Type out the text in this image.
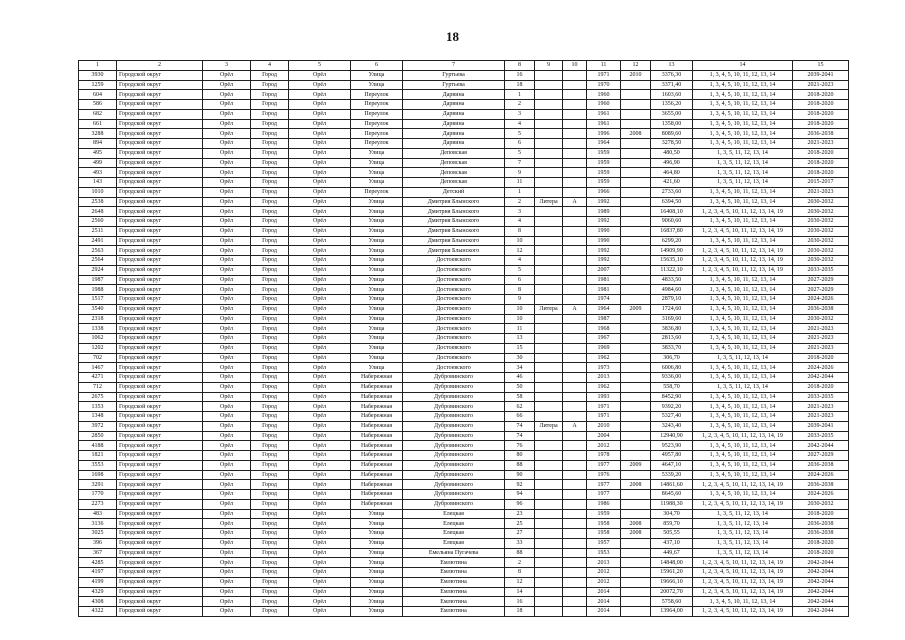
18
1	2	3	4	5	6	7	8	9	10	11	12	13	14	15
3930	Городской округ	Орёл	Город	Орёл	Улица	Гуртьева	16			1971	2010	3376,30	1, 3, 4, 5, 10, 11, 12, 13, 14	2039-2041
1259	Городской округ	Орёл	Город	Орёл	Улица	Гуртьева	18			1970		3371,40	1, 3, 4, 5, 10, 11, 12, 13, 14	2021-2023
604	Городской округ	Орёл	Город	Орёл	Переулок	Дарвина	1			1960		1603,60	1, 3, 4, 5, 10, 11, 12, 13, 14	2018-2020
586	Городской округ	Орёл	Город	Орёл	Переулок	Дарвина	2			1960		1356,20	1, 3, 4, 5, 10, 11, 12, 13, 14	2018-2020
682	Городской округ	Орёл	Город	Орёл	Переулок	Дарвина	3			1961		3655,00	1, 3, 4, 5, 10, 11, 12, 13, 14	2018-2020
661	Городской округ	Орёл	Город	Орёл	Переулок	Дарвина	4			1961		1358,00	1, 3, 4, 5, 10, 11, 12, 13, 14	2018-2020
3288	Городской округ	Орёл	Город	Орёл	Переулок	Дарвина	5			1996	2008	8089,60	1, 3, 4, 5, 10, 11, 12, 13, 14	2036-2038
894	Городской округ	Орёл	Город	Орёл	Переулок	Дарвина	6			1964		3278,50	1, 3, 4, 5, 10, 11, 12, 13, 14	2021-2023
495	Городской округ	Орёл	Город	Орёл	Улица	Деповская	5			1959		480,50	1, 3, 5, 11, 12, 13, 14	2018-2020
499	Городской округ	Орёл	Город	Орёл	Улица	Деповская	7			1959		496,90	1, 3, 5, 11, 12, 13, 14	2018-2020
493	Городской округ	Орёл	Город	Орёл	Улица	Деповская	9			1959		464,80	1, 3, 5, 11, 12, 13, 14	2018-2020
143	Городской округ	Орёл	Город	Орёл	Улица	Деповская	11			1959		421,60	1, 3, 5, 11, 12, 13, 14	2015-2017
1010	Городской округ	Орёл	Город	Орёл	Переулок	Детский	1			1966		2733,60	1, 3, 4, 5, 10, 11, 12, 13, 14	2021-2023
2538	Городской округ	Орёл	Город	Орёл	Улица	Дмитрия Блынского	2	Литера	А	1992		6394,50	1, 3, 4, 5, 10, 11, 12, 13, 14	2030-2032
2648	Городской округ	Орёл	Город	Орёл	Улица	Дмитрия Блынского	3			1989		16408,10	1, 2, 3, 4, 5, 10, 11, 12, 13, 14, 19	2030-2032
2560	Городской округ	Орёл	Город	Орёл	Улица	Дмитрия Блынского	4			1992		9060,60	1, 3, 4, 5, 10, 11, 12, 13, 14	2030-2032
2511	Городской округ	Орёл	Город	Орёл	Улица	Дмитрия Блынского	8			1990		16837,80	1, 2, 3, 4, 5, 10, 11, 12, 13, 14, 19	2030-2032
2491	Городской округ	Орёл	Город	Орёл	Улица	Дмитрия Блынского	10			1990		6299,20	1, 3, 4, 5, 10, 11, 12, 13, 14	2030-2032
2563	Городской округ	Орёл	Город	Орёл	Улица	Дмитрия Блынского	12			1992		14909,90	1, 2, 3, 4, 5, 10, 11, 12, 13, 14, 19	2030-2032
2564	Городской округ	Орёл	Город	Орёл	Улица	Достоевского	4			1992		15635,10	1, 2, 3, 4, 5, 10, 11, 12, 13, 14, 19	2030-2032
2924	Городской округ	Орёл	Город	Орёл	Улица	Достоевского	5			2007		11322,10	1, 2, 3, 4, 5, 10, 11, 12, 13, 14, 19	2033-2035
1987	Городской округ	Орёл	Город	Орёл	Улица	Достоевского	6			1981		4833,50	1, 3, 4, 5, 10, 11, 12, 13, 14	2027-2029
1988	Городской округ	Орёл	Город	Орёл	Улица	Достоевского	8			1981		4984,60	1, 3, 4, 5, 10, 11, 12, 13, 14	2027-2029
1517	Городской округ	Орёл	Город	Орёл	Улица	Достоевского	9			1974		2879,10	1, 3, 4, 5, 10, 11, 12, 13, 14	2024-2026
3540	Городской округ	Орёл	Город	Орёл	Улица	Достоевского	10	Литера	А	1964	2009	1724,60	1, 3, 4, 5, 10, 11, 12, 13, 14	2036-2038
2318	Городской округ	Орёл	Город	Орёл	Улица	Достоевского	10			1987		3169,60	1, 3, 4, 5, 10, 11, 12, 13, 14	2030-2032
1338	Городской округ	Орёл	Город	Орёл	Улица	Достоевского	11			1968		3836,80	1, 3, 4, 5, 10, 11, 12, 13, 14	2021-2023
1062	Городской округ	Орёл	Город	Орёл	Улица	Достоевского	13			1967		2813,60	1, 3, 4, 5, 10, 11, 12, 13, 14	2021-2023
1202	Городской округ	Орёл	Город	Орёл	Улица	Достоевского	15			1969		3833,70	1, 3, 4, 5, 10, 11, 12, 13, 14	2021-2023
702	Городской округ	Орёл	Город	Орёл	Улица	Достоевского	30			1962		306,70	1, 3, 5, 11, 12, 13, 14	2018-2020
1467	Городской округ	Орёл	Город	Орёл	Улица	Достоевского	34			1973		6006,80	1, 3, 4, 5, 10, 11, 12, 13, 14	2024-2026
4271	Городской округ	Орёл	Город	Орёл	Набережная	Дубровинского	46			2013		9336,00	1, 3, 4, 5, 10, 11, 12, 13, 14	2042-2044
712	Городской округ	Орёл	Город	Орёл	Набережная	Дубровинского	50			1962		558,70	1, 3, 5, 11, 12, 13, 14	2018-2020
2675	Городской округ	Орёл	Город	Орёл	Набережная	Дубровинского	58			1993		8452,90	1, 3, 4, 5, 10, 11, 12, 13, 14	2033-2035
1353	Городской округ	Орёл	Город	Орёл	Набережная	Дубровинского	62			1971		9392,20	1, 3, 4, 5, 10, 11, 12, 13, 14	2021-2023
1348	Городской округ	Орёл	Город	Орёл	Набережная	Дубровинского	66			1971		5327,40	1, 3, 4, 5, 10, 11, 12, 13, 14	2021-2023
3972	Городской округ	Орёл	Город	Орёл	Набережная	Дубровинского	74	Литера	А	2010		3243,40	1, 3, 4, 5, 10, 11, 12, 13, 14	2039-2041
2850	Городской округ	Орёл	Город	Орёл	Набережная	Дубровинского	74			2004		12940,90	1, 2, 3, 4, 5, 10, 11, 12, 13, 14, 19	2033-2035
4188	Городской округ	Орёл	Город	Орёл	Набережная	Дубровинского	76			2012		9523,90	1, 3, 4, 5, 10, 11, 12, 13, 14	2042-2044
1821	Городской округ	Орёл	Город	Орёл	Набережная	Дубровинского	80			1978		4957,80	1, 3, 4, 5, 10, 11, 12, 13, 14	2027-2029
3553	Городской округ	Орёл	Город	Орёл	Набережная	Дубровинского	88			1977	2009	4647,10	1, 3, 4, 5, 10, 11, 12, 13, 14	2036-2038
1698	Городской округ	Орёл	Город	Орёл	Набережная	Дубровинского	90			1976		5339,20	1, 3, 4, 5, 10, 11, 12, 13, 14	2024-2026
3291	Городской округ	Орёл	Город	Орёл	Набережная	Дубровинского	92			1977	2008	14861,60	1, 2, 3, 4, 5, 10, 11, 12, 13, 14, 19	2036-2038
1770	Городской округ	Орёл	Город	Орёл	Набережная	Дубровинского	94			1977		8645,60	1, 3, 4, 5, 10, 11, 12, 13, 14	2024-2026
2273	Городской округ	Орёл	Город	Орёл	Набережная	Дубровинского	96			1986		11988,30	1, 2, 3, 4, 5, 10, 11, 12, 13, 14, 19	2030-2032
483	Городской округ	Орёл	Город	Орёл	Улица	Елецкая	23			1959		304,70	1, 3, 5, 11, 12, 13, 14	2018-2020
3136	Городской округ	Орёл	Город	Орёл	Улица	Елецкая	25			1958	2008	859,70	1, 3, 5, 11, 12, 13, 14	2036-2038
3025	Городской округ	Орёл	Город	Орёл	Улица	Елецкая	27			1958	2008	505,55	1, 3, 5, 11, 12, 13, 14	2036-2038
396	Городской округ	Орёл	Город	Орёл	Улица	Елецкая	33			1957		437,10	1, 3, 5, 11, 12, 13, 14	2018-2020
367	Городской округ	Орёл	Город	Орёл	Улица	Емельяна Пугачева	88			1953		449,67	1, 3, 5, 11, 12, 13, 14	2018-2020
4285	Городской округ	Орёл	Город	Орёл	Улица	Емлютина	2			2013		14848,00	1, 2, 3, 4, 5, 10, 11, 12, 13, 14, 19	2042-2044
4197	Городской округ	Орёл	Город	Орёл	Улица	Емлютина	8			2012		15961,20	1, 2, 3, 4, 5, 10, 11, 12, 13, 14, 19	2042-2044
4199	Городской округ	Орёл	Город	Орёл	Улица	Емлютина	12			2012		19666,10	1, 2, 3, 4, 5, 10, 11, 12, 13, 14, 19	2042-2044
4329	Городской округ	Орёл	Город	Орёл	Улица	Емлютина	14			2014		20072,70	1, 2, 3, 4, 5, 10, 11, 12, 13, 14, 19	2042-2044
4308	Городской округ	Орёл	Город	Орёл	Улица	Емлютина	16			2014		5758,60	1, 3, 4, 5, 10, 11, 12, 13, 14	2042-2044
4322	Городской округ	Орёл	Город	Орёл	Улица	Емлютина	18			2014		13964,00	1, 2, 3, 4, 5, 10, 11, 12, 13, 14, 19	2042-2044
